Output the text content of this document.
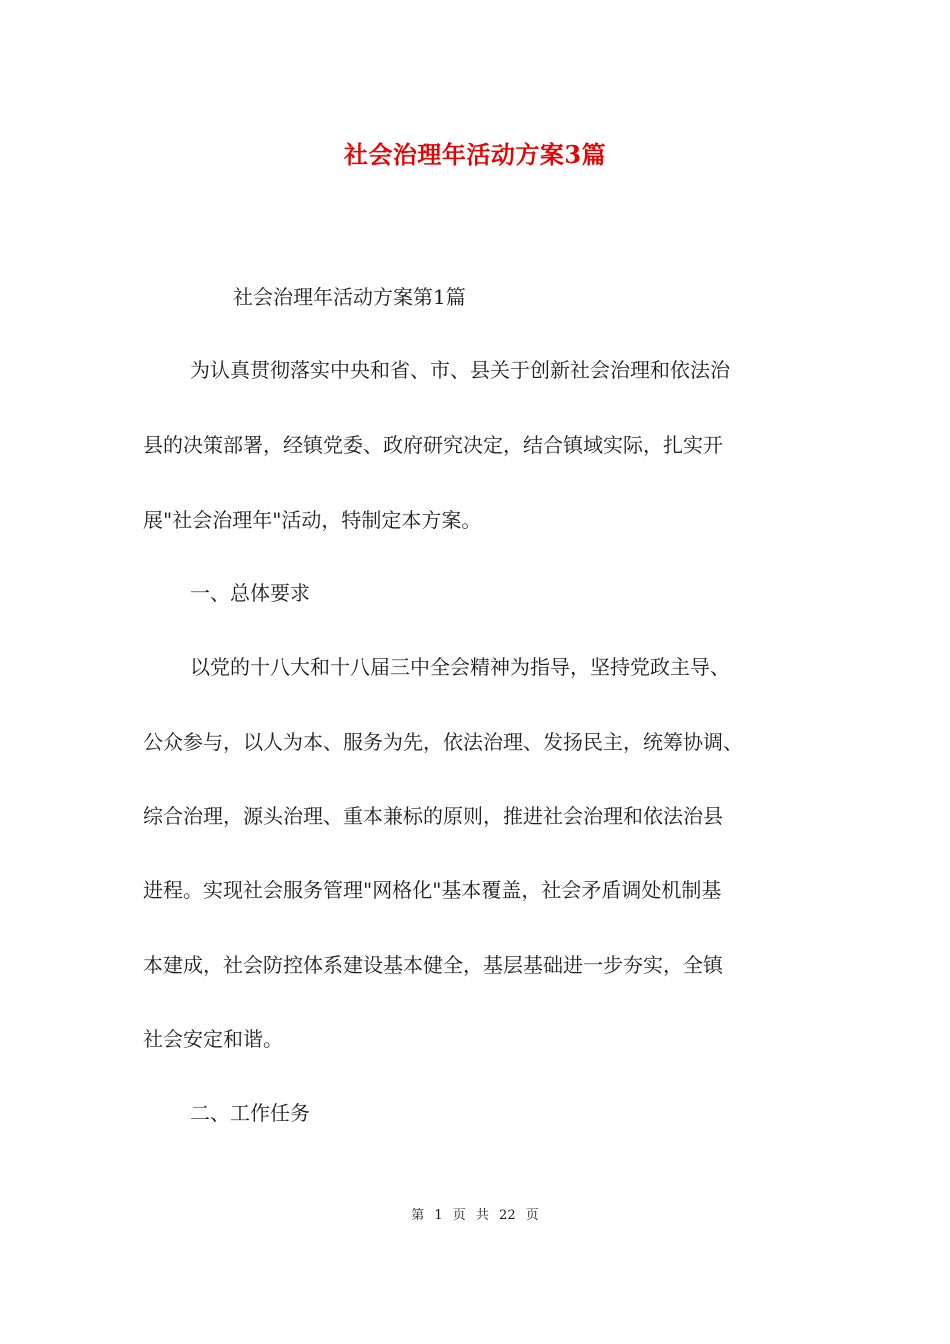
社会治理年活动方案3篇
社会治理年活动方案第1篇
为认真贯彻落实中央和省、市、县关于创新社会治理和依法治
县的决策部署，经镇党委、政府研究决定，结合镇域实际，扎实开
展"社会治理年"活动，特制定本方案。
一、总体要求
以党的十八大和十八届三中全会精神为指导，坚持党政主导、
公众参与，以人为本、服务为先，依法治理、发扬民主，统筹协调、
综合治理，源头治理、重本兼标的原则，推进社会治理和依法治县
进程。实现社会服务管理"网格化"基本覆盖，社会矛盾调处机制基
本建成，社会防控体系建设基本健全，基层基础进一步夯实，全镇
社会安定和谐。
二、工作任务
第 1 页 共 22 页
